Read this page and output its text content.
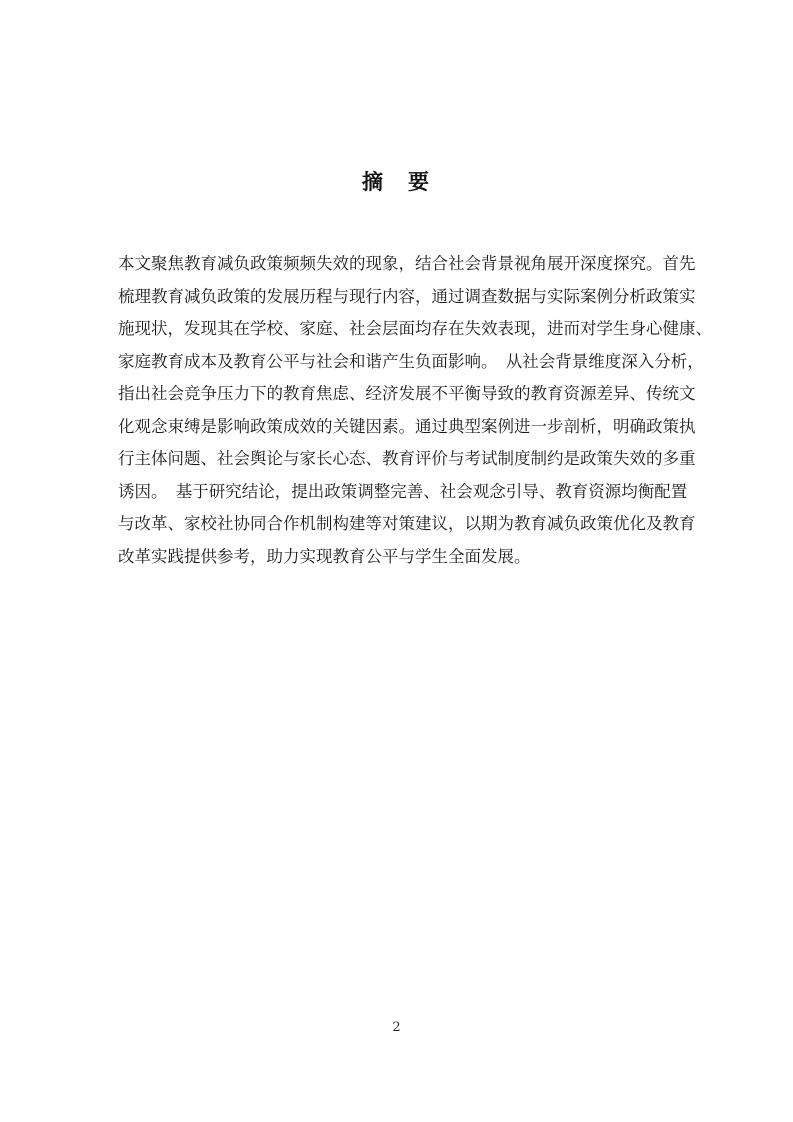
摘　要
本文聚焦教育减负政策频频失效的现象，结合社会背景视角展开深度探究。首先
梳理教育减负政策的发展历程与现行内容，通过调查数据与实际案例分析政策实
施现状，发现其在学校、家庭、社会层面均存在失效表现，进而对学生身心健康、
家庭教育成本及教育公平与社会和谐产生负面影响。　从社会背景维度深入分析，
指出社会竞争压力下的教育焦虑、经济发展不平衡导致的教育资源差异、传统文
化观念束缚是影响政策成效的关键因素。通过典型案例进一步剖析，明确政策执
行主体问题、社会舆论与家长心态、教育评价与考试制度制约是政策失效的多重
诱因。　基于研究结论，提出政策调整完善、社会观念引导、教育资源均衡配置
与改革、家校社协同合作机制构建等对策建议，以期为教育减负政策优化及教育
改革实践提供参考，助力实现教育公平与学生全面发展。
2
